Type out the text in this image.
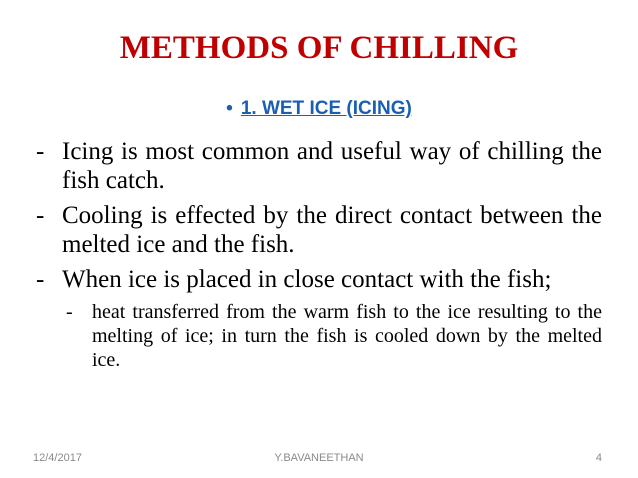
METHODS OF CHILLING
• 1. WET ICE (ICING)
- Icing is most common and useful way of chilling the fish catch.
- Cooling is effected by the direct contact between the melted ice and the fish.
- When ice is placed in close contact with the fish;
- heat transferred from the warm fish to the ice resulting to the melting of ice; in turn the fish is cooled down by the melted ice.
12/4/2017	Y.BAVANEETHAN	4
